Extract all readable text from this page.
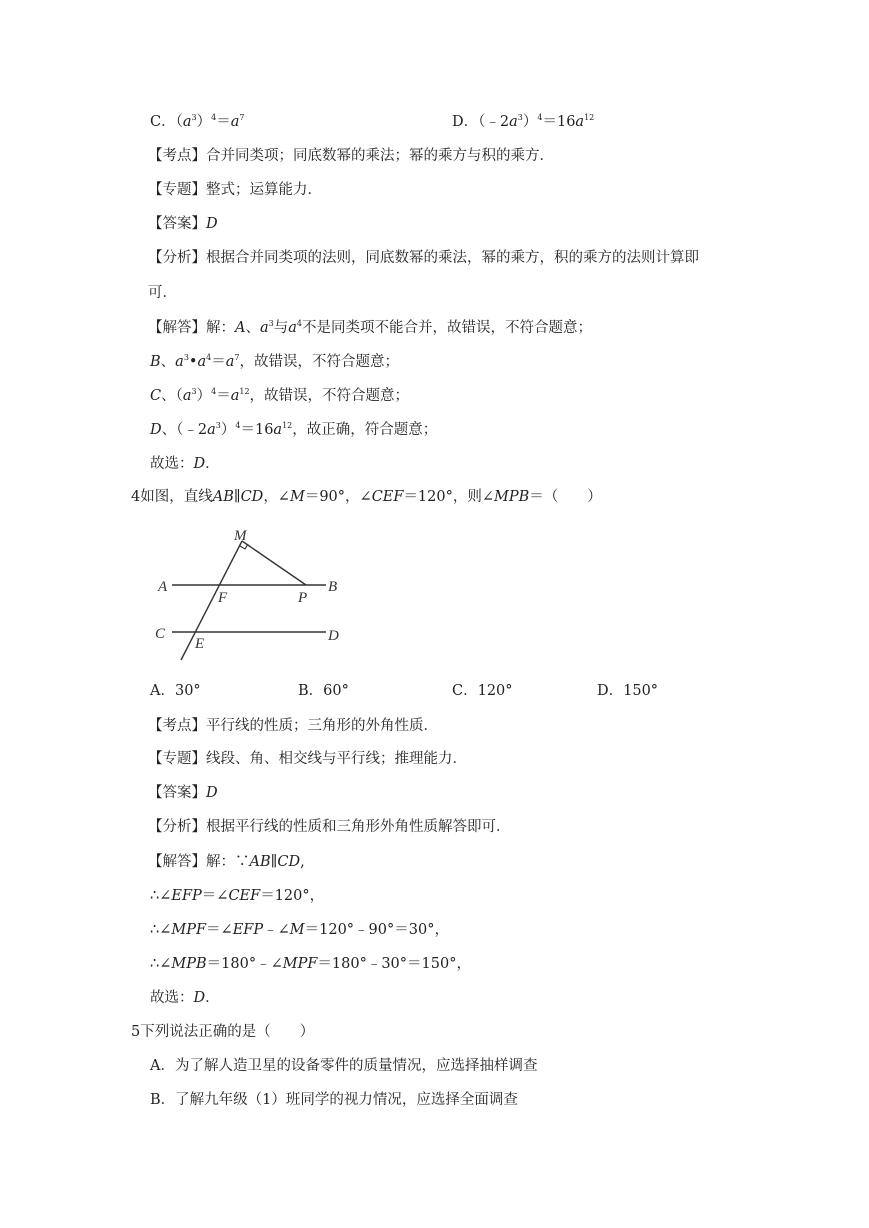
C．$(a^3)^4=a^7$	D．$(﹣2a^3)^4=16a^{12}$
【考点】合并同类项；同底数幂的乘法；幂的乘方与积的乘方．
【专题】整式；运算能力．
【答案】D
【分析】根据合并同类项的法则，同底数幂的乘法，幂的乘方，积的乘方的法则计算即
可．
【解答】解：A、$a^3$与$a^4$不是同类项不能合并，故错误，不符合题意；
B、$a^3•a^4=a^7$，故错误，不符合题意；
C、$(a^3)^4=a^{12}$，故错误，不符合题意；
D、$(﹣2a^3)^4=16a^{12}$，故正确，符合题意；
故选：D．
4如图，直线AB∥CD，∠M＝90°，∠CEF＝120°，则∠MPB＝（　　）
M
A
F	P
B
C
E	D
A．30°	B．60°	C．120°	D．150°
【考点】平行线的性质；三角形的外角性质．
【专题】线段、角、相交线与平行线；推理能力．
【答案】D
【分析】根据平行线的性质和三角形外角性质解答即可．
【解答】解：∵AB∥CD,
∴∠EFP＝∠CEF＝120°，
∴∠MPF＝∠EFP﹣∠M＝120°﹣90°＝30°，
∴∠MPB＝180°﹣∠MPF＝180°﹣30°＝150°，
故选：D．
5下列说法正确的是（　　）
A．为了解人造卫星的设备零件的质量情况，应选择抽样调查
B．了解九年级（1）班同学的视力情况，应选择全面调查
